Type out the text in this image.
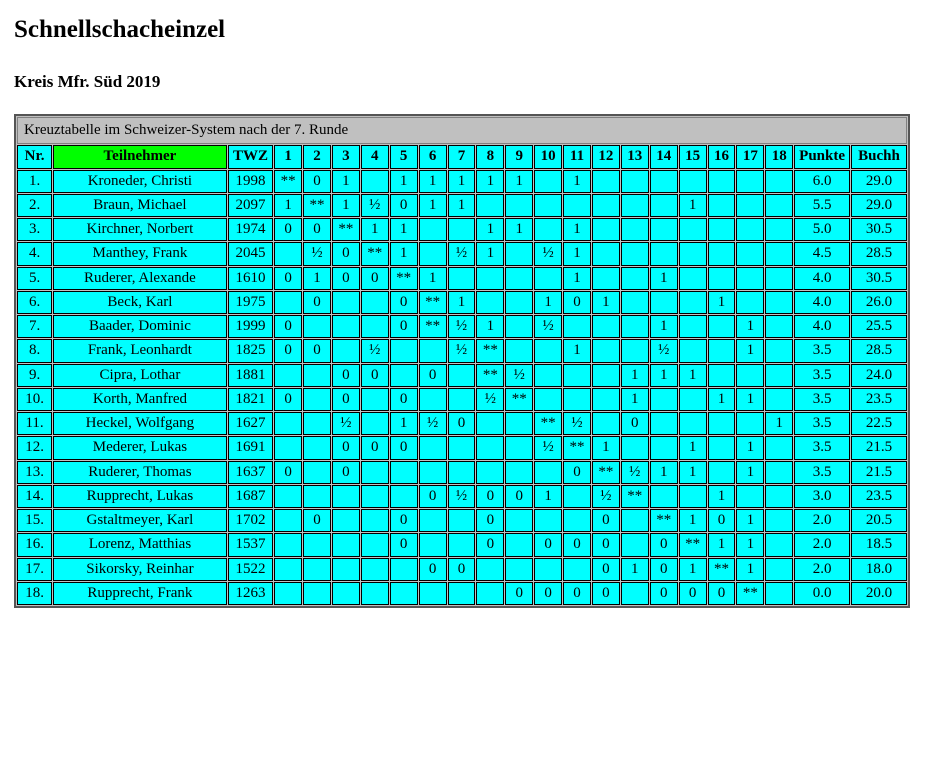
Schnellschacheinzel
Kreis Mfr. Süd 2019
Kreuztabelle im Schweizer-System nach der 7. Runde																						
Nr.	Teilnehmer	TWZ	1	2	3	4	5	6	7	8	9	10	11	12	13	14	15	16	17	18	Punkte	Buchh
1.	Kroneder, Christi	1998	**	0	1		1	1	1	1	1		1								6.0	29.0
2.	Braun, Michael	2097	1	**	1	½	0	1	1								1				5.5	29.0
3.	Kirchner, Norbert	1974	0	0	**	1	1			1	1		1								5.0	30.5
4.	Manthey, Frank	2045		½	0	**	1		½	1		½	1								4.5	28.5
5.	Ruderer, Alexande	1610	0	1	0	0	**	1					1			1					4.0	30.5
6.	Beck, Karl	1975		0			0	**	1			1	0	1				1			4.0	26.0
7.	Baader, Dominic	1999	0				0	**	½	1		½				1			1		4.0	25.5
8.	Frank, Leonhardt	1825	0	0		½			½	**			1			½			1		3.5	28.5
9.	Cipra, Lothar	1881			0	0		0		**	½				1	1	1				3.5	24.0
10.	Korth, Manfred	1821	0		0		0			½	**				1			1	1		3.5	23.5
11.	Heckel, Wolfgang	1627			½		1	½	0			**	½		0					1	3.5	22.5
12.	Mederer, Lukas	1691			0	0	0					½	**	1			1		1		3.5	21.5
13.	Ruderer, Thomas	1637	0		0								0	**	½	1	1		1		3.5	21.5
14.	Rupprecht, Lukas	1687						0	½	0	0	1		½	**			1			3.0	23.5
15.	Gstaltmeyer, Karl	1702		0			0			0				0		**	1	0	1		2.0	20.5
16.	Lorenz, Matthias	1537					0			0		0	0	0		0	**	1	1		2.0	18.5
17.	Sikorsky, Reinhar	1522						0	0					0	1	0	1	**	1		2.0	18.0
18.	Rupprecht, Frank	1263									0	0	0	0		0	0	0	**		0.0	20.0
